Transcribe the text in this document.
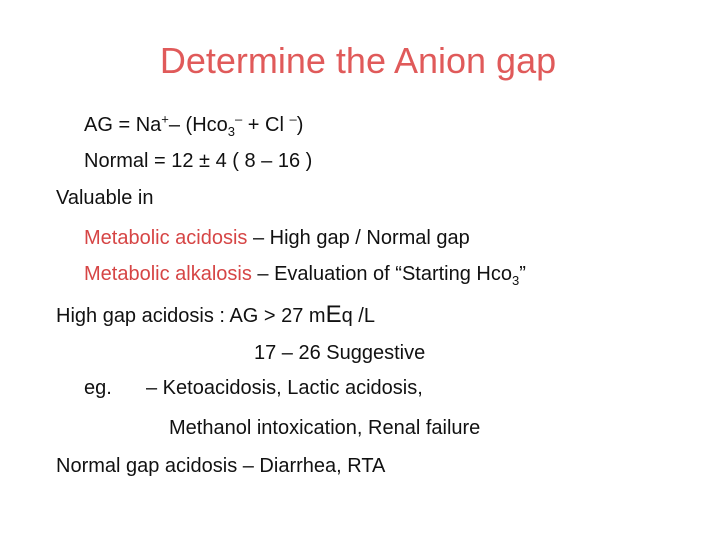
Determine the Anion gap
AG = Na+– (Hco$_3$– + Cl –)
Normal = 12 ± 4 ( 8 – 16 )
Valuable in
Metabolic acidosis – High gap / Normal gap
Metabolic alkalosis – Evaluation of “Starting Hco$_3$”
High gap acidosis : AG > 27 mEq /L
17 – 26 Suggestive
eg. – Ketoacidosis, Lactic acidosis,
Methanol intoxication, Renal failure
Normal gap acidosis – Diarrhea, RTA
